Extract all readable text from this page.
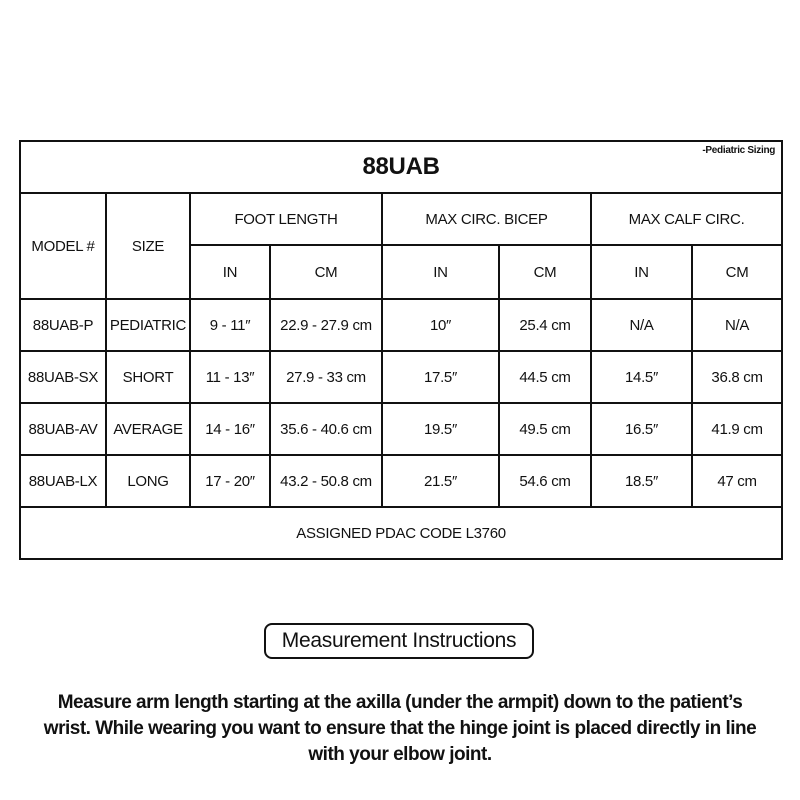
88UAB
-Pediatric Sizing							

MODEL #	SIZE	FOOT LENGTH		MAX CIRC. BICEP		MAX CALF CIRC.	
		IN	CM	IN	CM	IN	CM
88UAB-P	PEDIATRIC	9 - 11″	22.9 - 27.9 cm	10″	25.4 cm	N/A	N/A
88UAB-SX	SHORT	11 - 13″	27.9 - 33 cm	17.5″	44.5 cm	14.5″	36.8 cm
88UAB-AV	AVERAGE	14 - 16″	35.6 - 40.6 cm	19.5″	49.5 cm	16.5″	41.9 cm
88UAB-LX	LONG	17 - 20″	43.2 - 50.8 cm	21.5″	54.6 cm	18.5″	47 cm
ASSIGNED PDAC CODE L3760							
Measurement Instructions
Measure arm length starting at the axilla (under the armpit) down to the patient’s wrist. While wearing you want to ensure that the hinge joint is placed directly in line with your elbow joint.
